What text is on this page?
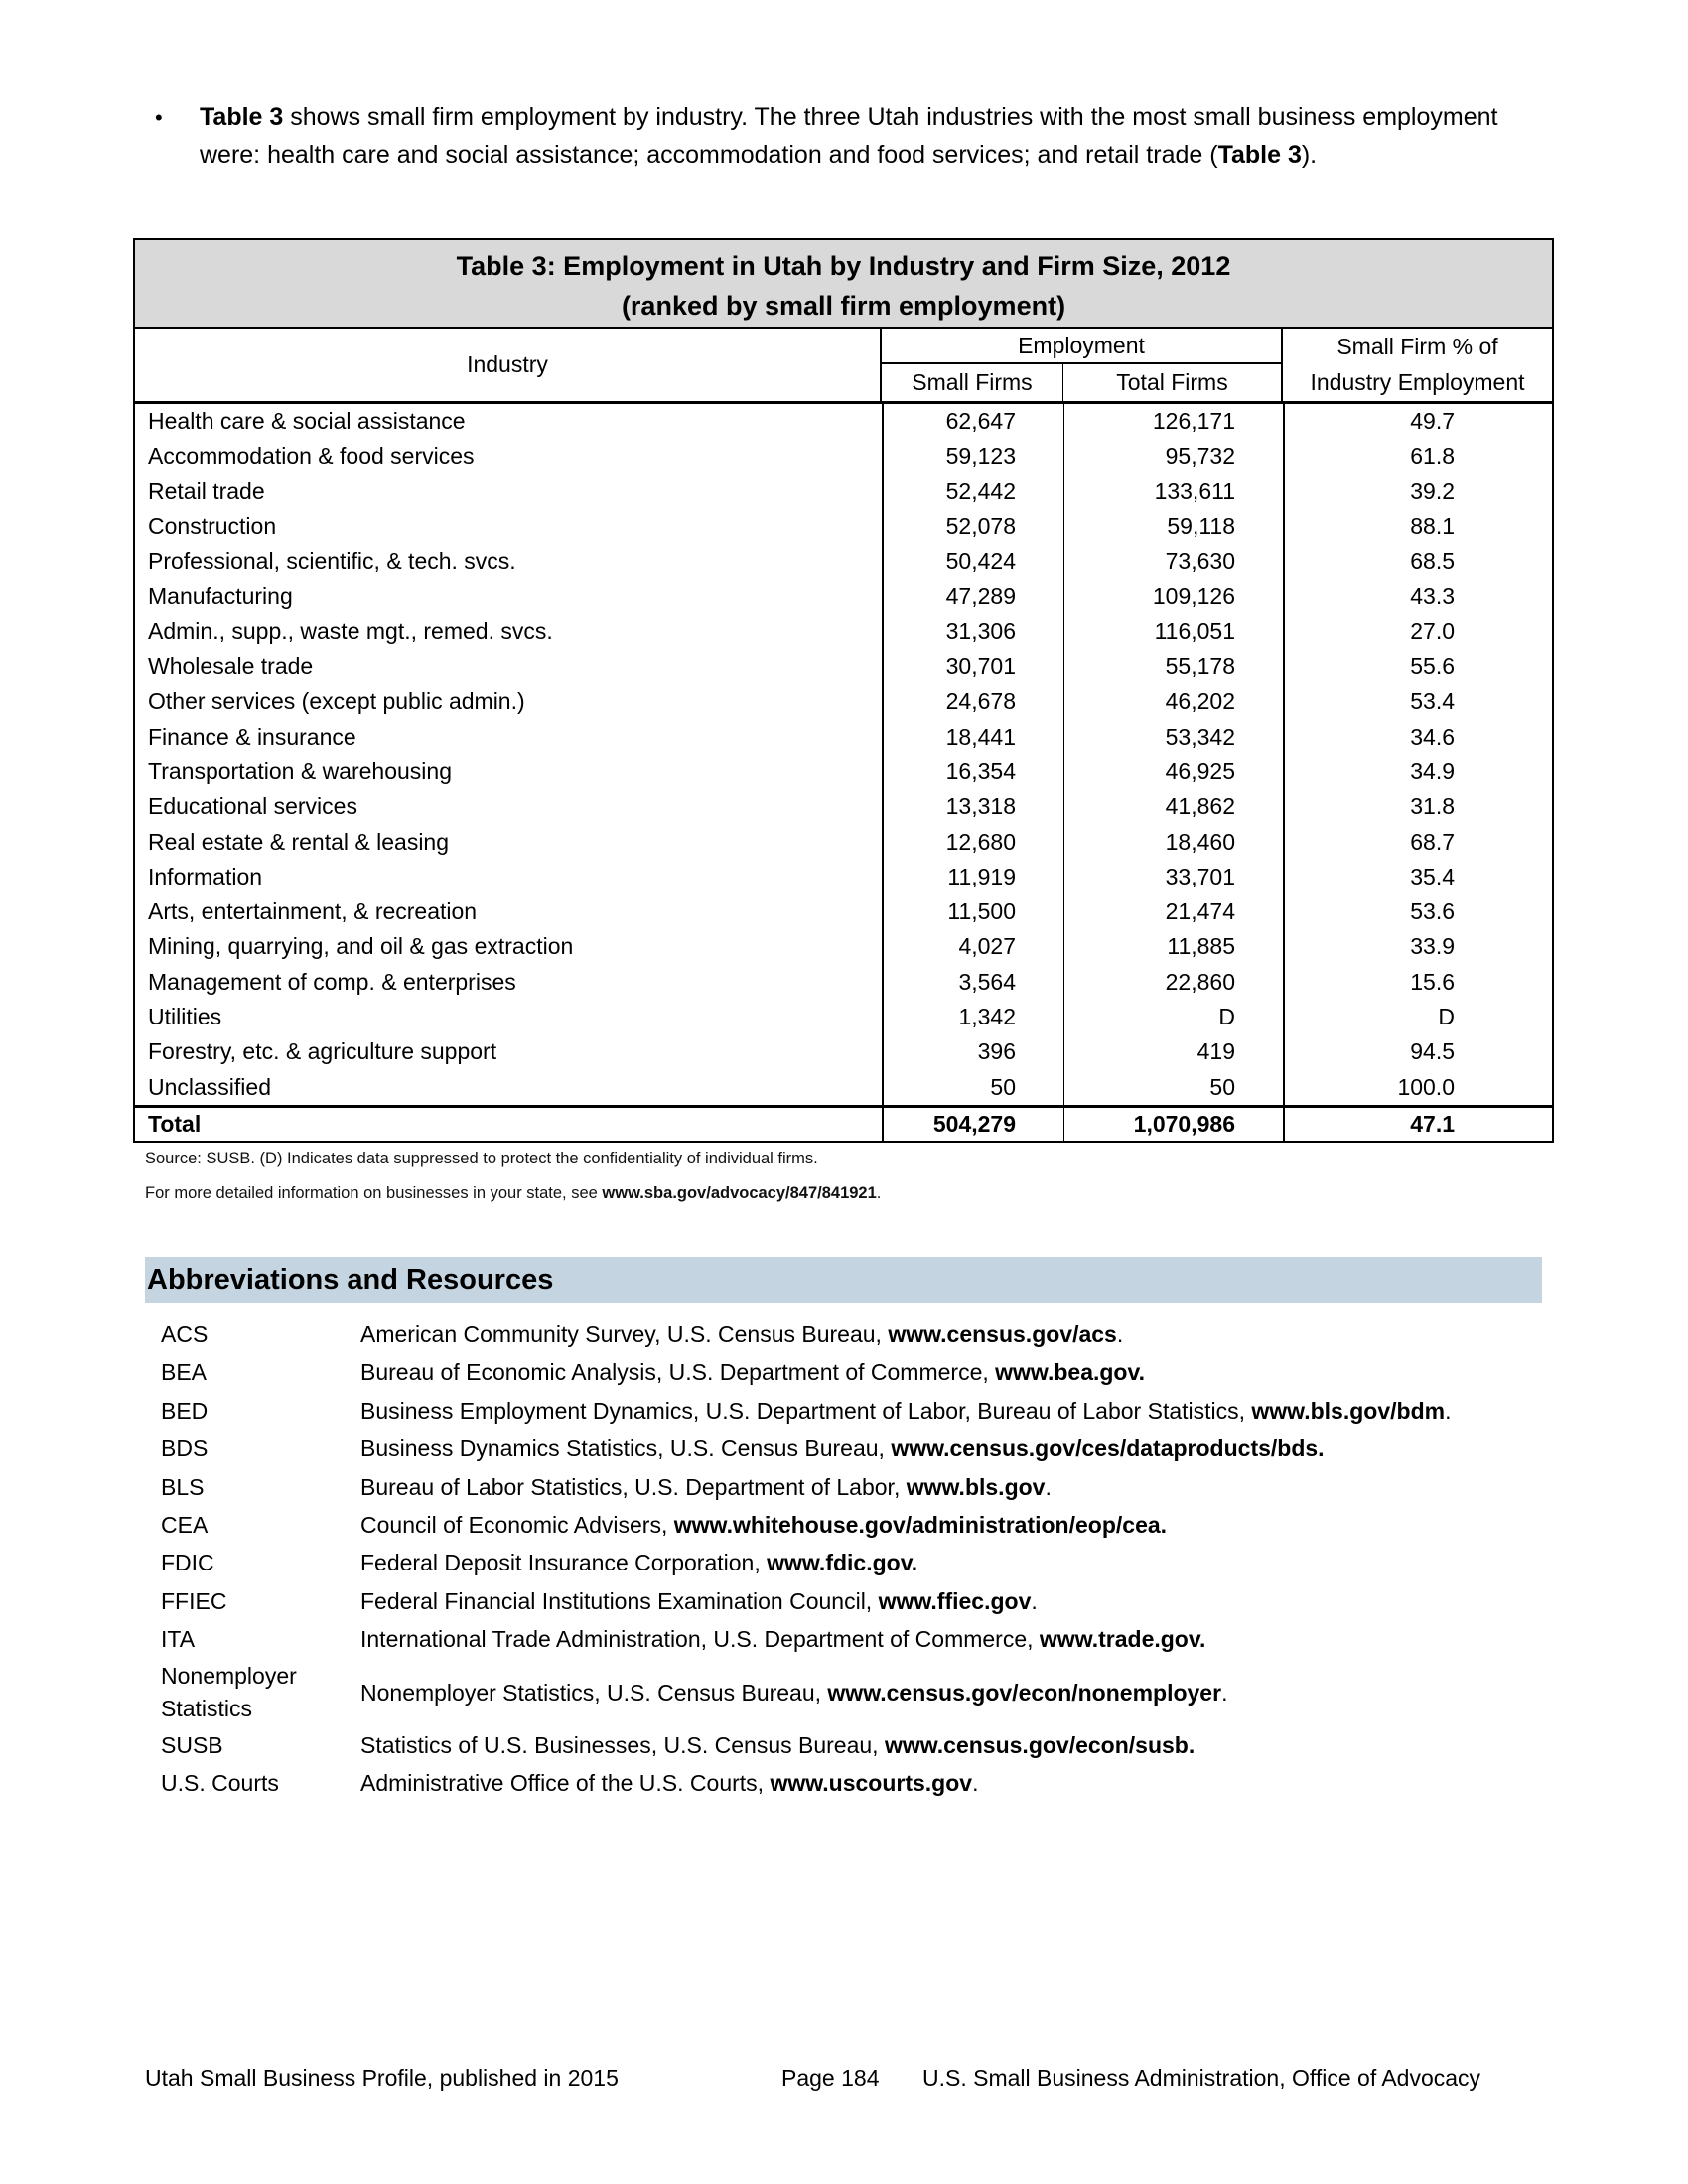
• Table 3 shows small firm employment by industry. The three Utah industries with the most small business employment were: health care and social assistance; accommodation and food services; and retail trade (Table 3).
Table 3: Employment in Utah by Industry and Firm Size, 2012
(ranked by small firm employment)
Industry
Employment
Small Firms	Total Firms
Small Firm % of
Industry Employment
Health care & social assistance	62,647	126,171	49.7
Accommodation & food services	59,123	95,732	61.8
Retail trade	52,442	133,611	39.2
Construction	52,078	59,118	88.1
Professional, scientific, & tech. svcs.	50,424	73,630	68.5
Manufacturing	47,289	109,126	43.3
Admin., supp., waste mgt., remed. svcs.	31,306	116,051	27.0
Wholesale trade	30,701	55,178	55.6
Other services (except public admin.)	24,678	46,202	53.4
Finance & insurance	18,441	53,342	34.6
Transportation & warehousing	16,354	46,925	34.9
Educational services	13,318	41,862	31.8
Real estate & rental & leasing	12,680	18,460	68.7
Information	11,919	33,701	35.4
Arts, entertainment, & recreation	11,500	21,474	53.6
Mining, quarrying, and oil & gas extraction	4,027	11,885	33.9
Management of comp. & enterprises	3,564	22,860	15.6
Utilities	1,342	D	D
Forestry, etc. & agriculture support	396	419	94.5
Unclassified	50	50	100.0
Total	504,279	1,070,986	47.1
Source: SUSB. (D) Indicates data suppressed to protect the confidentiality of individual firms.
For more detailed information on businesses in your state, see www.sba.gov/advocacy/847/841921.
Abbreviations and Resources
ACS	American Community Survey, U.S. Census Bureau, www.census.gov/acs.
BEA	Bureau of Economic Analysis, U.S. Department of Commerce, www.bea.gov.
BED	Business Employment Dynamics, U.S. Department of Labor, Bureau of Labor Statistics, www.bls.gov/bdm.
BDS	Business Dynamics Statistics, U.S. Census Bureau, www.census.gov/ces/dataproducts/bds.
BLS	Bureau of Labor Statistics, U.S. Department of Labor, www.bls.gov.
CEA	Council of Economic Advisers, www.whitehouse.gov/administration/eop/cea.
FDIC	Federal Deposit Insurance Corporation, www.fdic.gov.
FFIEC	Federal Financial Institutions Examination Council, www.ffiec.gov.
ITA	International Trade Administration, U.S. Department of Commerce, www.trade.gov.
Nonemployer
Statistics
Nonemployer Statistics, U.S. Census Bureau, www.census.gov/econ/nonemployer.
SUSB	Statistics of U.S. Businesses, U.S. Census Bureau, www.census.gov/econ/susb.
U.S. Courts	Administrative Office of the U.S. Courts, www.uscourts.gov.
Utah Small Business Profile, published in 2015	Page 184 U.S. Small Business Administration, Office of Advocacy
